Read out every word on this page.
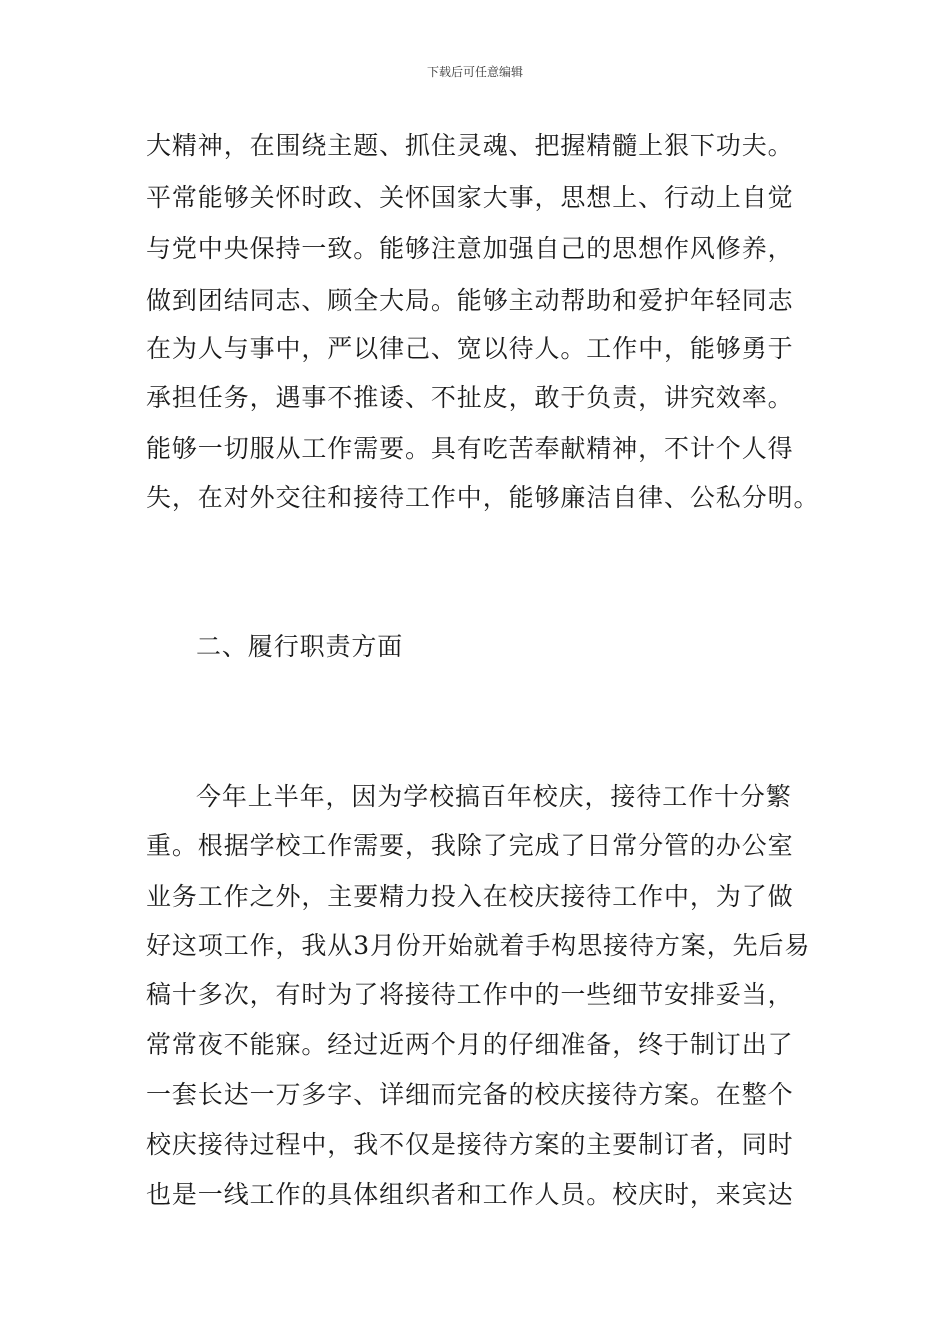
下载后可任意编辑
大精神，在围绕主题、抓住灵魂、把握精髓上狠下功夫。
平常能够关怀时政、关怀国家大事，思想上、行动上自觉
与党中央保持一致。能够注意加强自己的思想作风修养，
做到团结同志、顾全大局。能够主动帮助和爱护年轻同志
在为人与事中，严以律己、宽以待人。工作中，能够勇于
承担任务，遇事不推诿、不扯皮，敢于负责，讲究效率。
能够一切服从工作需要。具有吃苦奉献精神，不计个人得
失，在对外交往和接待工作中，能够廉洁自律、公私分明。
二、履行职责方面
今年上半年，因为学校搞百年校庆，接待工作十分繁
重。根据学校工作需要，我除了完成了日常分管的办公室
业务工作之外，主要精力投入在校庆接待工作中，为了做
好这项工作，我从3月份开始就着手构思接待方案，先后易
稿十多次，有时为了将接待工作中的一些细节安排妥当，
常常夜不能寐。经过近两个月的仔细准备，终于制订出了
一套长达一万多字、详细而完备的校庆接待方案。在整个
校庆接待过程中，我不仅是接待方案的主要制订者，同时
也是一线工作的具体组织者和工作人员。校庆时，来宾达
